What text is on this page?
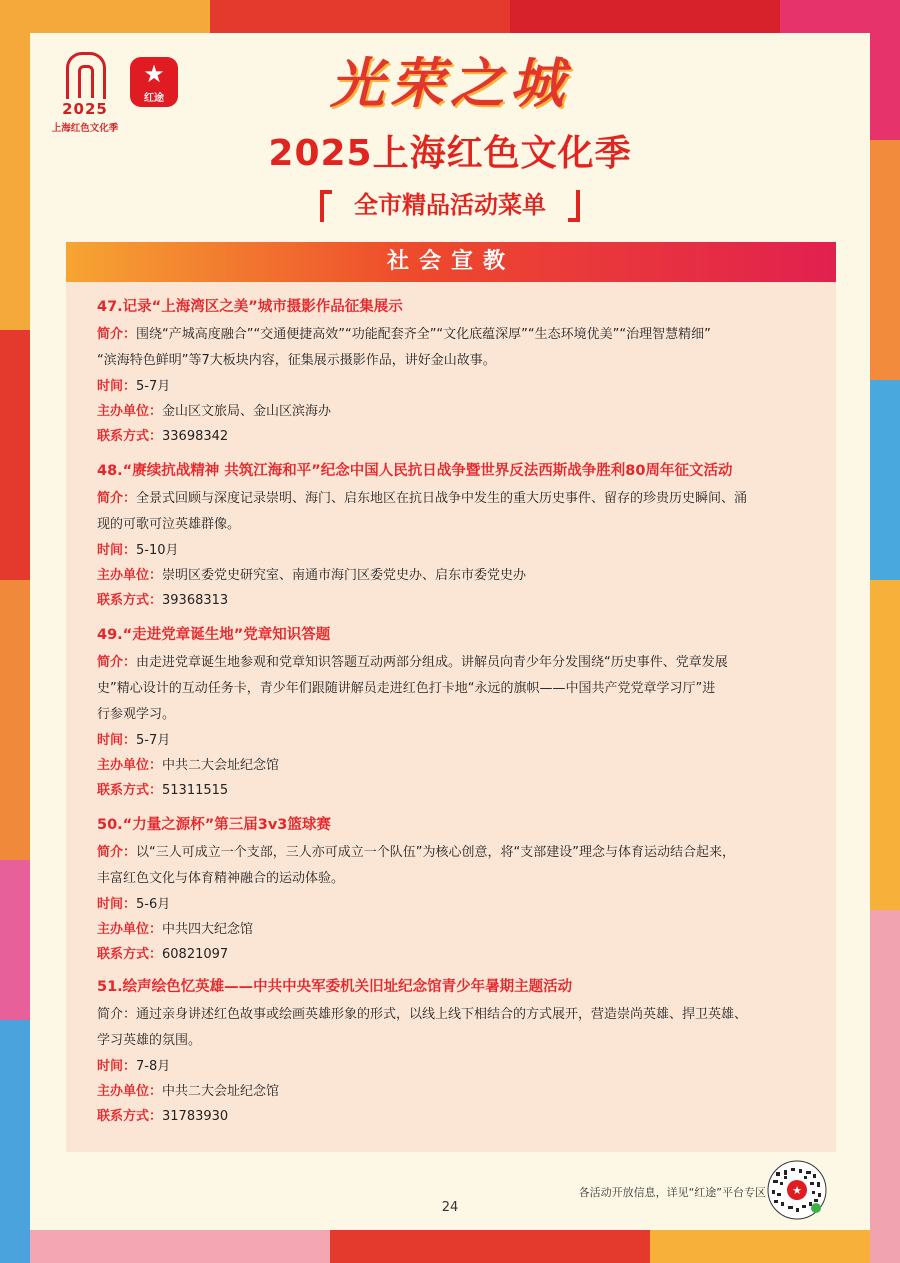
2025
上海红色文化季
★
红途	光荣之城
2025上海红色文化季
全市精品活动菜单
社会宣教
47.记录“上海湾区之美”城市摄影作品征集展示
简介：围绕“产城高度融合”“交通便捷高效”“功能配套齐全”“文化底蕴深厚”“生态环境优美”“治理智慧精细”
“滨海特色鲜明”等7大板块内容，征集展示摄影作品，讲好金山故事。
时间：5-7月
主办单位：金山区文旅局、金山区滨海办
联系方式：33698342
48.“赓续抗战精神 共筑江海和平”纪念中国人民抗日战争暨世界反法西斯战争胜利80周年征文活动
简介：全景式回顾与深度记录崇明、海门、启东地区在抗日战争中发生的重大历史事件、留存的珍贵历史瞬间、涌
现的可歌可泣英雄群像。
时间：5-10月
主办单位：崇明区委党史研究室、南通市海门区委党史办、启东市委党史办
联系方式：39368313
49.“走进党章诞生地”党章知识答题
简介：由走进党章诞生地参观和党章知识答题互动两部分组成。讲解员向青少年分发围绕“历史事件、党章发展
史”精心设计的互动任务卡，青少年们跟随讲解员走进红色打卡地“永远的旗帜——中国共产党党章学习厅”进
行参观学习。
时间：5-7月
主办单位：中共二大会址纪念馆
联系方式：51311515
50.“力量之源杯”第三届3v3篮球赛
简介：以“三人可成立一个支部，三人亦可成立一个队伍”为核心创意，将“支部建设”理念与体育运动结合起来，
丰富红色文化与体育精神融合的运动体验。
时间：5-6月
主办单位：中共四大纪念馆
联系方式：60821097
51.绘声绘色忆英雄——中共中央军委机关旧址纪念馆青少年暑期主题活动
简介：通过亲身讲述红色故事或绘画英雄形象的形式，以线上线下相结合的方式展开，营造崇尚英雄、捍卫英雄、
学习英雄的氛围。
时间：7-8月
主办单位：中共二大会址纪念馆
联系方式：31783930
各活动开放信息，详见“红途”平台专区
24
★
